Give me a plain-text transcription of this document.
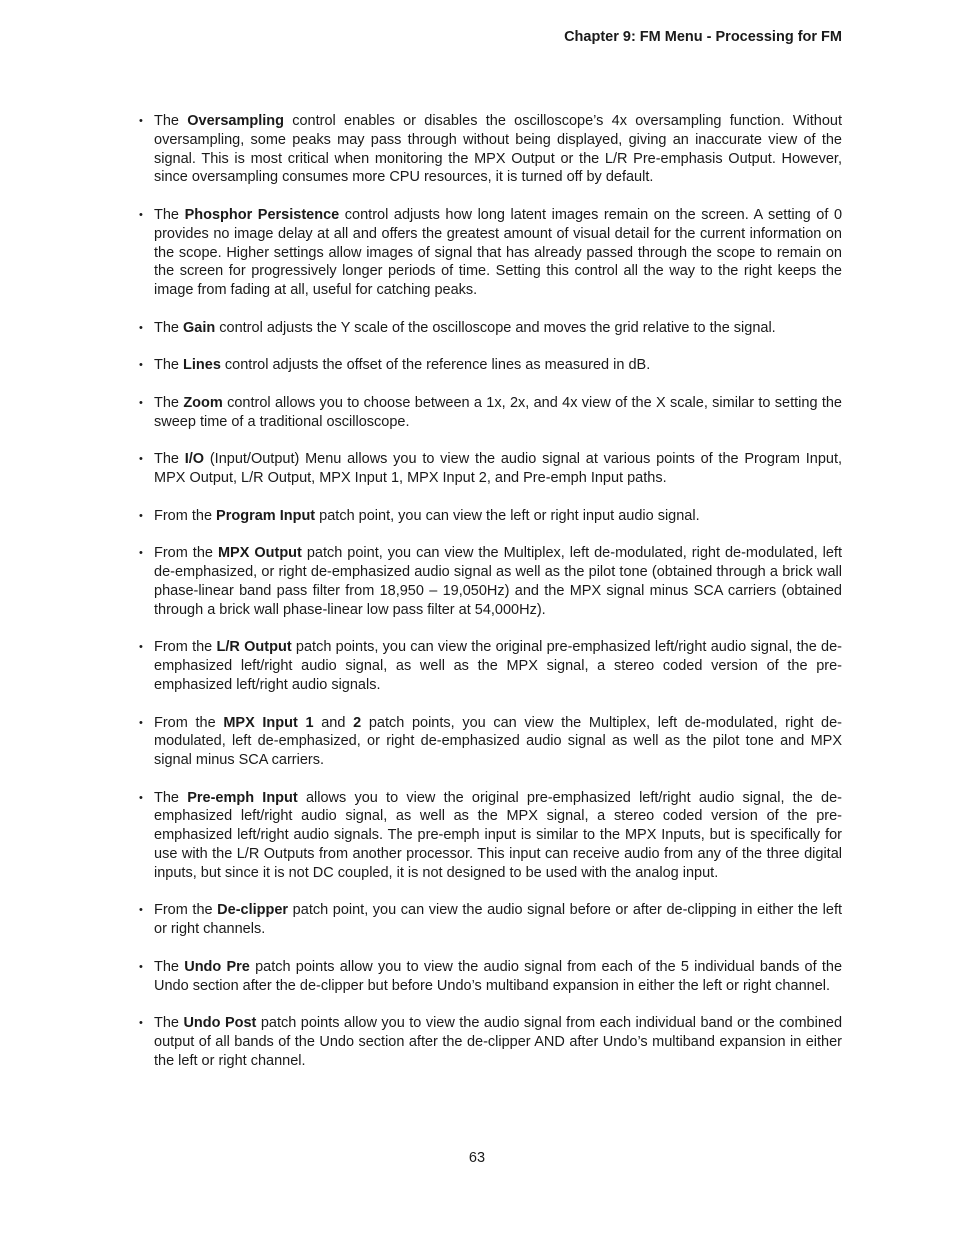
Chapter 9: FM Menu - Processing for FM
• The Oversampling control enables or disables the oscilloscope’s 4x oversampling function. Without oversampling, some peaks may pass through without being displayed, giving an inaccurate view of the signal. This is most critical when monitoring the MPX Output or the L/R Pre-emphasis Output. However, since oversampling consumes more CPU resources, it is turned off by default.
• The Phosphor Persistence control adjusts how long latent images remain on the screen. A setting of 0 provides no image delay at all and offers the greatest amount of visual detail for the current information on the scope. Higher settings allow images of signal that has already passed through the scope to remain on the screen for progressively longer periods of time. Setting this control all the way to the right keeps the image from fading at all, useful for catching peaks.
• The Gain control adjusts the Y scale of the oscilloscope and moves the grid relative to the signal.
• The Lines control adjusts the offset of the reference lines as measured in dB.
• The Zoom control allows you to choose between a 1x, 2x, and 4x view of the X scale, similar to setting the sweep time of a traditional oscilloscope.
• The I/O (Input/Output) Menu allows you to view the audio signal at various points of the Program Input, MPX Output, L/R Output, MPX Input 1, MPX Input 2, and Pre-emph Input paths.
• From the Program Input patch point, you can view the left or right input audio signal.
• From the MPX Output patch point, you can view the Multiplex, left de-modulated, right de-modulated, left de-emphasized, or right de-emphasized audio signal as well as the pilot tone (obtained through a brick wall phase-linear band pass filter from 18,950 – 19,050Hz) and the MPX signal minus SCA carriers (obtained through a brick wall phase-linear low pass filter at 54,000Hz).
• From the L/R Output patch points, you can view the original pre-emphasized left/right audio signal, the de-emphasized left/right audio signal, as well as the MPX signal, a stereo coded version of the pre-emphasized left/right audio signals.
• From the MPX Input 1 and 2 patch points, you can view the Multiplex, left de-modulated, right de-modulated, left de-emphasized, or right de-emphasized audio signal as well as the pilot tone and MPX signal minus SCA carriers.
• The Pre-emph Input allows you to view the original pre-emphasized left/right audio signal, the de-emphasized left/right audio signal, as well as the MPX signal, a stereo coded version of the pre-emphasized left/right audio signals. The pre-emph input is similar to the MPX Inputs, but is specifically for use with the L/R Outputs from another processor. This input can receive audio from any of the three digital inputs, but since it is not DC coupled, it is not designed to be used with the analog input.
• From the De-clipper patch point, you can view the audio signal before or after de-clipping in either the left or right channels.
• The Undo Pre patch points allow you to view the audio signal from each of the 5 individual bands of the Undo section after the de-clipper but before Undo’s multiband expansion in either the left or right channel.
• The Undo Post patch points allow you to view the audio signal from each individual band or the combined output of all bands of the Undo section after the de-clipper AND after Undo’s multiband expansion in either the left or right channel.
63
